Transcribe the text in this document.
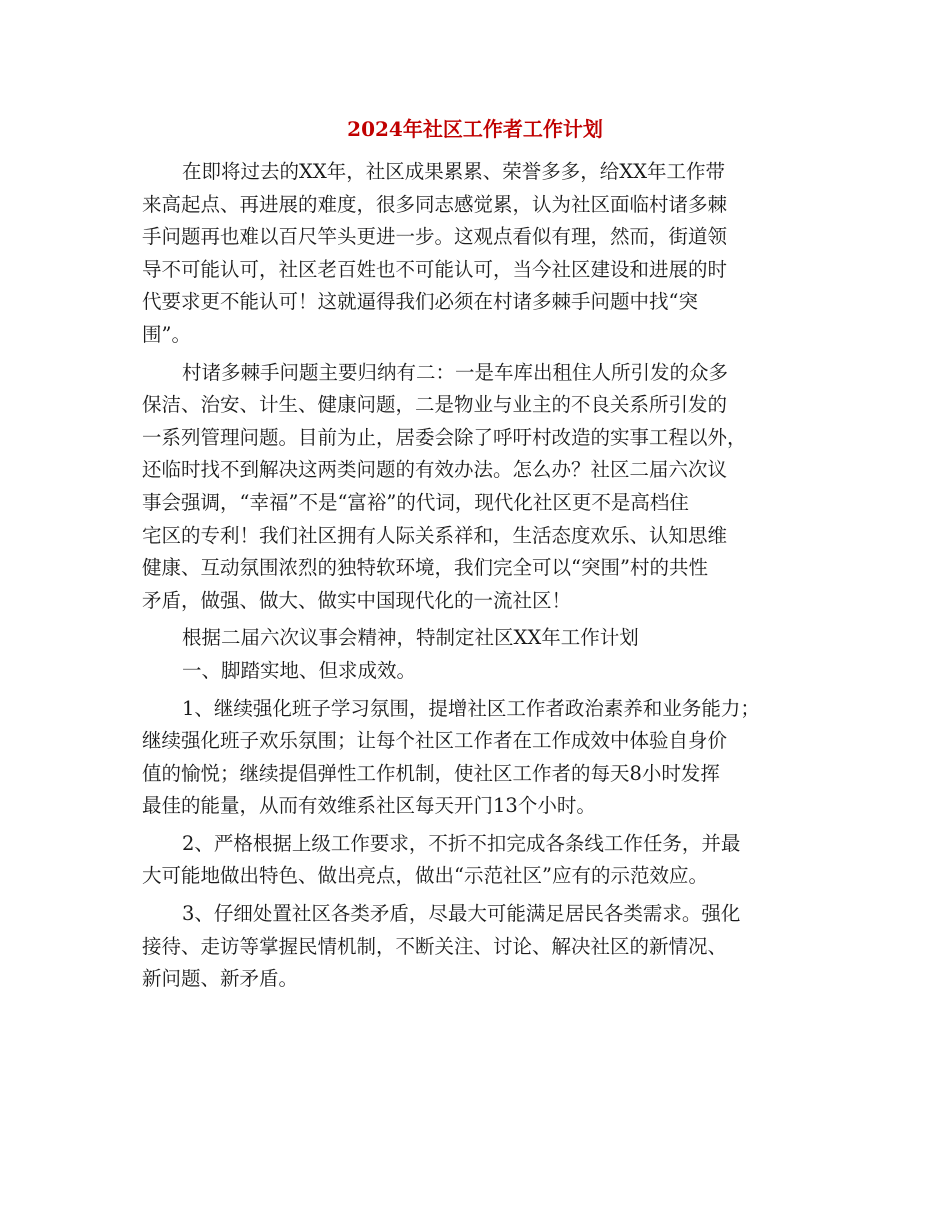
2024年社区工作者工作计划
在即将过去的XX年，社区成果累累、荣誉多多，给XX年工作带
来高起点、再进展的难度，很多同志感觉累，认为社区面临村诸多棘
手问题再也难以百尺竿头更进一步。这观点看似有理，然而，街道领
导不可能认可，社区老百姓也不可能认可，当今社区建设和进展的时
代要求更不能认可！这就逼得我们必须在村诸多棘手问题中找“突
围”。
村诸多棘手问题主要归纳有二：一是车库出租住人所引发的众多
保洁、治安、计生、健康问题，二是物业与业主的不良关系所引发的
一系列管理问题。目前为止，居委会除了呼吁村改造的实事工程以外，
还临时找不到解决这两类问题的有效办法。怎么办？社区二届六次议
事会强调，“幸福”不是“富裕”的代词，现代化社区更不是高档住
宅区的专利！我们社区拥有人际关系祥和，生活态度欢乐、认知思维
健康、互动氛围浓烈的独特软环境，我们完全可以“突围”村的共性
矛盾，做强、做大、做实中国现代化的一流社区！
根据二届六次议事会精神，特制定社区XX年工作计划
一、脚踏实地、但求成效。
1、继续强化班子学习氛围，提增社区工作者政治素养和业务能力；
继续强化班子欢乐氛围；让每个社区工作者在工作成效中体验自身价
值的愉悦；继续提倡弹性工作机制，使社区工作者的每天8小时发挥
最佳的能量，从而有效维系社区每天开门13个小时。
2、严格根据上级工作要求，不折不扣完成各条线工作任务，并最
大可能地做出特色、做出亮点，做出“示范社区”应有的示范效应。
3、仔细处置社区各类矛盾，尽最大可能满足居民各类需求。强化
接待、走访等掌握民情机制，不断关注、讨论、解决社区的新情况、
新问题、新矛盾。
